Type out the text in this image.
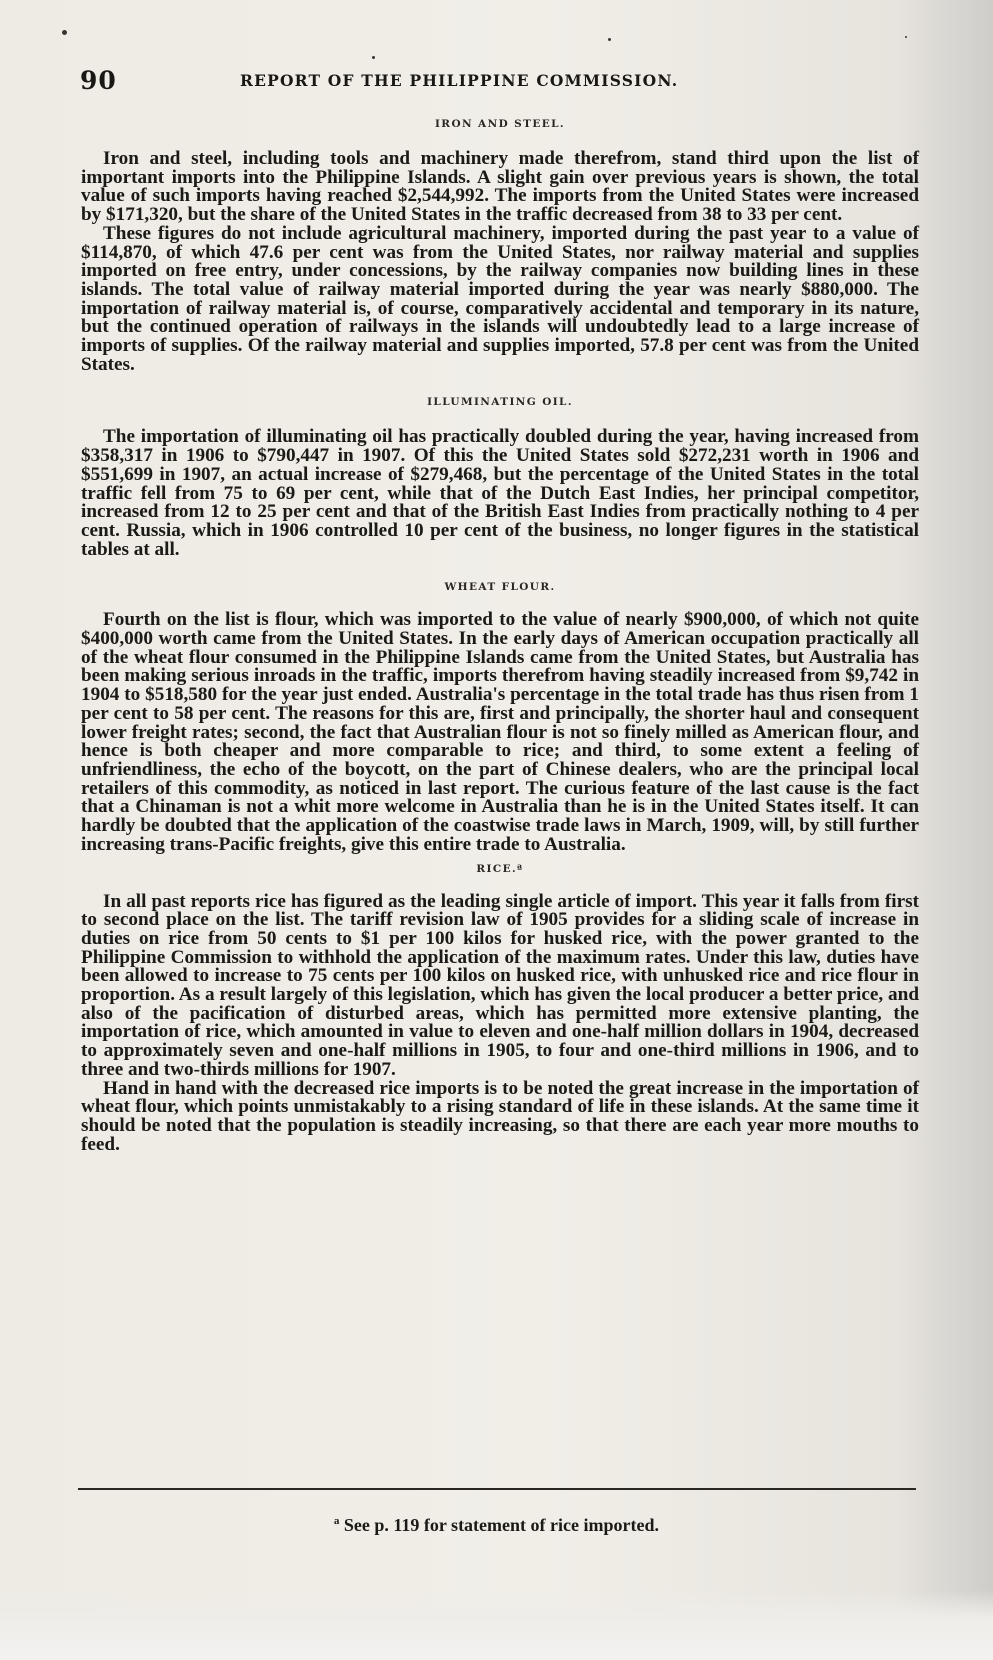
90	REPORT OF THE PHILIPPINE COMMISSION.

IRON AND STEEL.

Iron and steel, including tools and machinery made therefrom, stand third upon the list of important imports into the Philippine Islands. A slight gain over previous years is shown, the total value of such imports having reached $2,544,992. The imports from the United States were increased by $171,320, but the share of the United States in the traffic decreased from 38 to 33 per cent.

These figures do not include agricultural machinery, imported during the past year to a value of $114,870, of which 47.6 per cent was from the United States, nor railway material and supplies imported on free entry, under concessions, by the railway companies now building lines in these islands. The total value of railway material imported during the year was nearly $880,000. The importation of railway material is, of course, comparatively accidental and temporary in its nature, but the continued operation of railways in the islands will undoubtedly lead to a large increase of imports of supplies. Of the railway material and supplies imported, 57.8 per cent was from the United States.

ILLUMINATING OIL.

The importation of illuminating oil has practically doubled during the year, having increased from $358,317 in 1906 to $790,447 in 1907. Of this the United States sold $272,231 worth in 1906 and $551,699 in 1907, an actual increase of $279,468, but the percentage of the United States in the total traffic fell from 75 to 69 per cent, while that of the Dutch East Indies, her principal competitor, increased from 12 to 25 per cent and that of the British East Indies from practically nothing to 4 per cent. Russia, which in 1906 controlled 10 per cent of the business, no longer figures in the statistical tables at all.

WHEAT FLOUR.

Fourth on the list is flour, which was imported to the value of nearly $900,000, of which not quite $400,000 worth came from the United States. In the early days of American occupation practically all of the wheat flour consumed in the Philippine Islands came from the United States, but Australia has been making serious inroads in the traffic, imports therefrom having steadily increased from $9,742 in 1904 to $518,580 for the year just ended. Australia's percentage in the total trade has thus risen from 1 per cent to 58 per cent. The reasons for this are, first and principally, the shorter haul and consequent lower freight rates; second, the fact that Australian flour is not so finely milled as American flour, and hence is both cheaper and more comparable to rice; and third, to some extent a feeling of unfriendliness, the echo of the boycott, on the part of Chinese dealers, who are the principal local retailers of this commodity, as noticed in last report. The curious feature of the last cause is the fact that a Chinaman is not a whit more welcome in Australia than he is in the United States itself. It can hardly be doubted that the application of the coastwise trade laws in March, 1909, will, by still further increasing trans-Pacific freights, give this entire trade to Australia.

RICE.ª

In all past reports rice has figured as the leading single article of import. This year it falls from first to second place on the list. The tariff revision law of 1905 provides for a sliding scale of increase in duties on rice from 50 cents to $1 per 100 kilos for husked rice, with the power granted to the Philippine Commission to withhold the application of the maximum rates. Under this law, duties have been allowed to increase to 75 cents per 100 kilos on husked rice, with unhusked rice and rice flour in proportion. As a result largely of this legislation, which has given the local producer a better price, and also of the pacification of disturbed areas, which has permitted more extensive planting, the importation of rice, which amounted in value to eleven and one-half million dollars in 1904, decreased to approximately seven and one-half millions in 1905, to four and one-third millions in 1906, and to three and two-thirds millions for 1907.

Hand in hand with the decreased rice imports is to be noted the great increase in the importation of wheat flour, which points unmistakably to a rising standard of life in these islands. At the same time it should be noted that the population is steadily increasing, so that there are each year more mouths to feed.

ª See p. 119 for statement of rice imported.
